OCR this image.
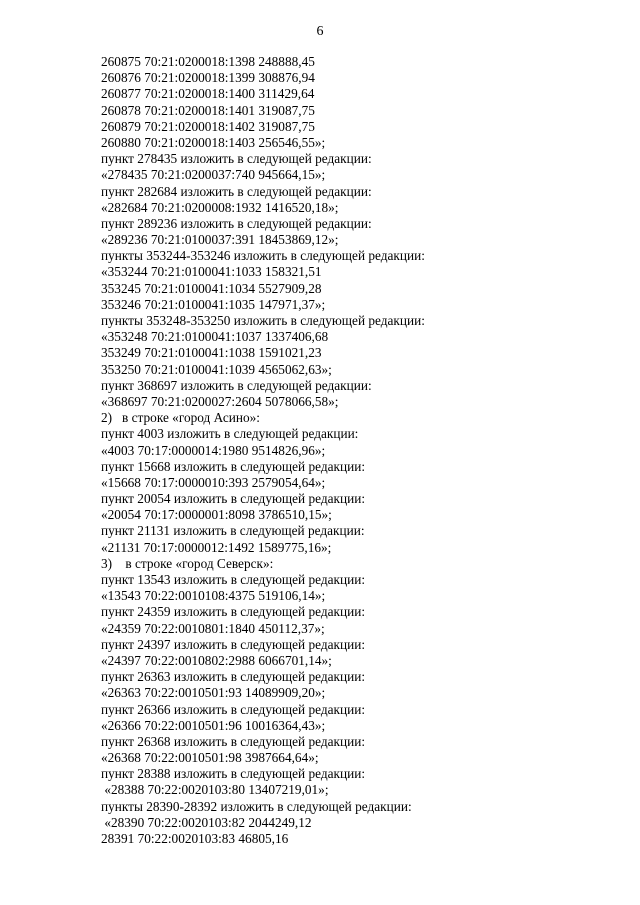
6
260875 70:21:0200018:1398 248888,45
260876 70:21:0200018:1399 308876,94
260877 70:21:0200018:1400 311429,64
260878 70:21:0200018:1401 319087,75
260879 70:21:0200018:1402 319087,75
260880 70:21:0200018:1403 256546,55»;
пункт 278435 изложить в следующей редакции:
«278435 70:21:0200037:740 945664,15»;
пункт 282684 изложить в следующей редакции:
«282684 70:21:0200008:1932 1416520,18»;
пункт 289236 изложить в следующей редакции:
«289236 70:21:0100037:391 18453869,12»;
пункты 353244-353246 изложить в следующей редакции:
«353244 70:21:0100041:1033 158321,51
353245 70:21:0100041:1034 5527909,28
353246 70:21:0100041:1035 147971,37»;
пункты 353248-353250 изложить в следующей редакции:
«353248 70:21:0100041:1037 1337406,68
353249 70:21:0100041:1038 1591021,23
353250 70:21:0100041:1039 4565062,63»;
пункт 368697 изложить в следующей редакции:
«368697 70:21:0200027:2604 5078066,58»;
2)   в строке «город Асино»:
пункт 4003 изложить в следующей редакции:
«4003 70:17:0000014:1980 9514826,96»;
пункт 15668 изложить в следующей редакции:
«15668 70:17:0000010:393 2579054,64»;
пункт 20054 изложить в следующей редакции:
«20054 70:17:0000001:8098 3786510,15»;
пункт 21131 изложить в следующей редакции:
«21131 70:17:0000012:1492 1589775,16»;
3)    в строке «город Северск»:
пункт 13543 изложить в следующей редакции:
«13543 70:22:0010108:4375 519106,14»;
пункт 24359 изложить в следующей редакции:
«24359 70:22:0010801:1840 450112,37»;
пункт 24397 изложить в следующей редакции:
«24397 70:22:0010802:2988 6066701,14»;
пункт 26363 изложить в следующей редакции:
«26363 70:22:0010501:93 14089909,20»;
пункт 26366 изложить в следующей редакции:
«26366 70:22:0010501:96 10016364,43»;
пункт 26368 изложить в следующей редакции:
«26368 70:22:0010501:98 3987664,64»;
пункт 28388 изложить в следующей редакции:
«28388 70:22:0020103:80 13407219,01»;
пункты 28390-28392 изложить в следующей редакции:
«28390 70:22:0020103:82 2044249,12
28391 70:22:0020103:83 46805,16
